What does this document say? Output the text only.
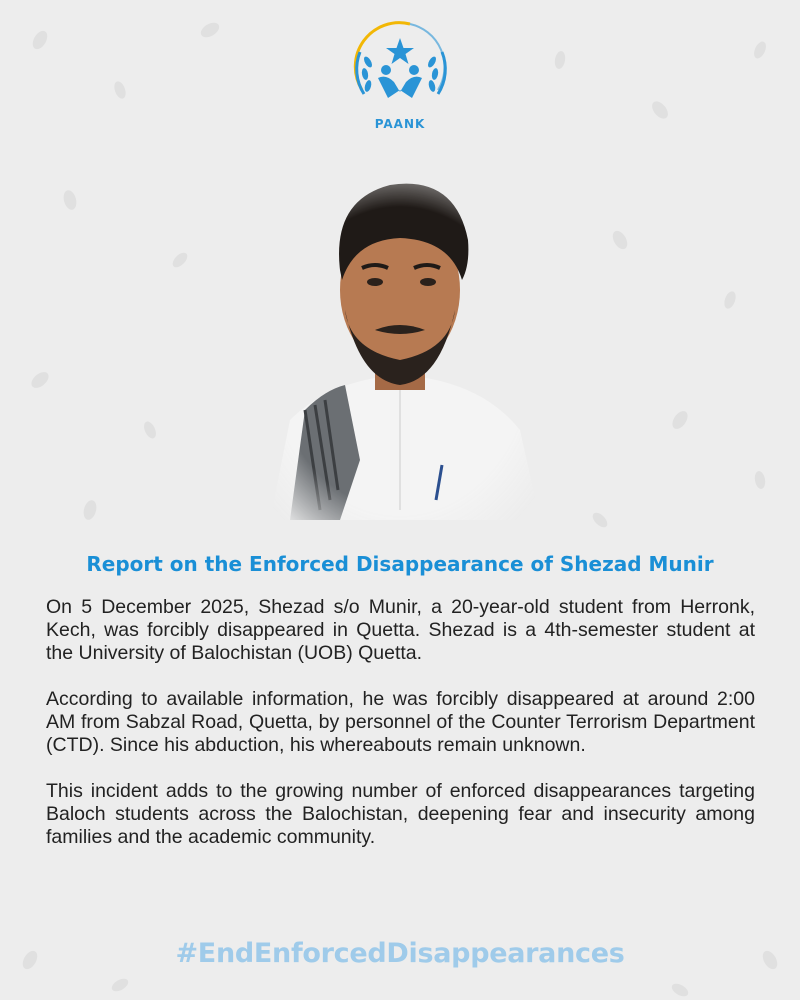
PAANK
Report on the Enforced Disappearance of Shezad Munir

On 5 December 2025, Shezad s/o Munir, a 20-year-old student from Herronk, Kech, was forcibly disappeared in Quetta. Shezad is a 4th-semester student at the University of Balochistan (UOB) Quetta.

According to available information, he was forcibly disappeared at around 2:00 AM from Sabzal Road, Quetta, by personnel of the Counter Terrorism Department (CTD). Since his abduction, his whereabouts remain unknown.

This incident adds to the growing number of enforced disappearances targeting Baloch students across the Balochistan, deepening fear and insecurity among families and the academic community.

#EndEnforcedDisappearances
